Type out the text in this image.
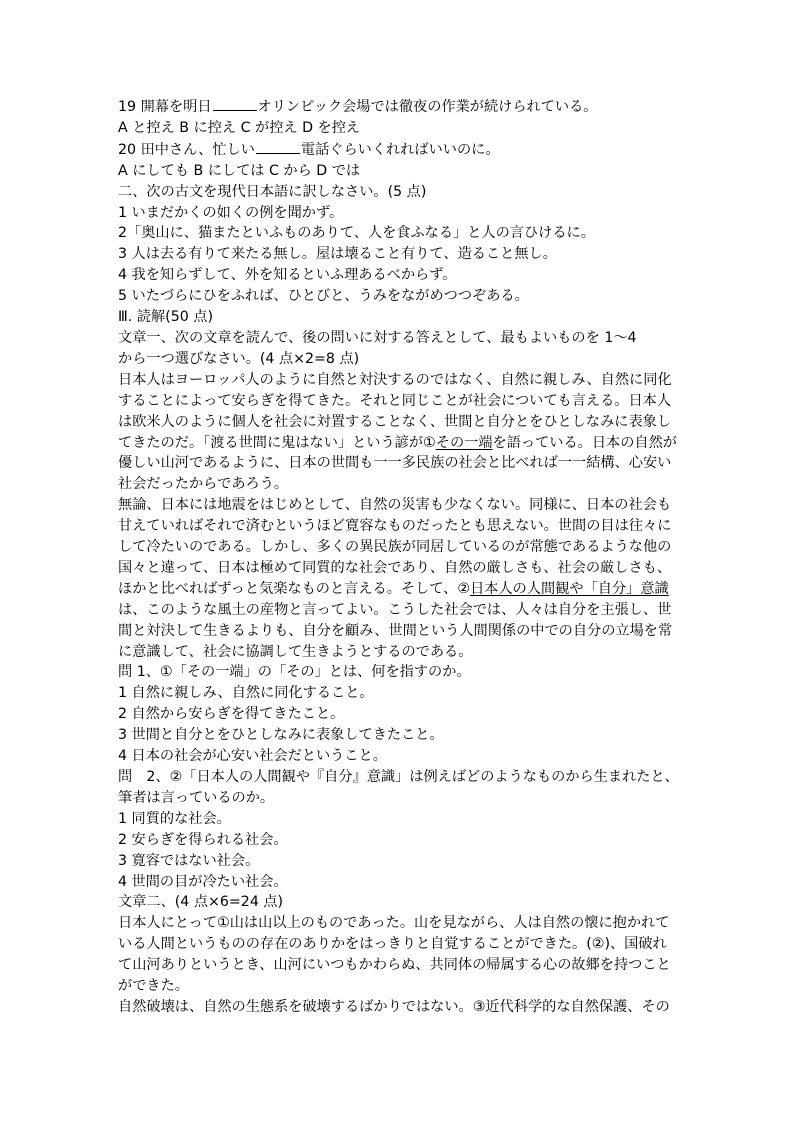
19 開幕を明日	オリンピック会場では徹夜の作業が続けられている。
A と控え B に控え C が控え D を控え
20 田中さん、忙しい	電話ぐらいくれればいいのに。
A にしても B にしては C から D では
二、次の古文を現代日本語に訳しなさい。(5 点)
1 いまだかくの如くの例を聞かず。
2「奥山に、猫またといふものありて、人を食ふなる」と人の言ひけるに。
3 人は去る有りて来たる無し。屋は壊ること有りて、造ること無し。
4 我を知らずして、外を知るといふ理あるべからず。
5 いたづらにひをふれば、ひとびと、うみをながめつつぞある。
Ⅲ. 読解(50 点)
文章一、次の文章を読んで、後の問いに対する答えとして、最もよいものを 1～4
から一つ選びなさい。(4 点×2=8 点)
日本人はヨーロッパ人のように自然と対決するのではなく、自然に親しみ、自然に同化
することによって安らぎを得てきた。それと同じことが社会についても言える。日本人
は欧米人のように個人を社会に対置することなく、世間と自分とをひとしなみに表象し
てきたのだ。「渡る世間に鬼はない」という諺が①その一端を語っている。日本の自然が
優しい山河であるように、日本の世間も一一多民族の社会と比べれば一一結構、心安い
社会だったからであろう。
無論、日本には地震をはじめとして、自然の災害も少なくない。同様に、日本の社会も
甘えていればそれで済むというほど寛容なものだったとも思えない。世間の目は往々に
して冷たいのである。しかし、多くの異民族が同居しているのが常態であるような他の
国々と違って、日本は極めて同質的な社会であり、自然の厳しさも、社会の厳しさも、
ほかと比べればずっと気楽なものと言える。そして、②日本人の人間観や「自分」意識
は、このような風土の産物と言ってよい。こうした社会では、人々は自分を主張し、世
間と対決して生きるよりも、自分を顧み、世間という人間関係の中での自分の立場を常
に意識して、社会に協調して生きようとするのである。
問 1、①「その一端」の「その」とは、何を指すのか。
1 自然に親しみ、自然に同化すること。
2 自然から安らぎを得てきたこと。
3 世間と自分とをひとしなみに表象してきたこと。
4 日本の社会が心安い社会だということ。
問　2、②「日本人の人間観や『自分』意識」は例えばどのようなものから生まれたと、
筆者は言っているのか。
1 同質的な社会。
2 安らぎを得られる社会。
3 寛容ではない社会。
4 世間の目が冷たい社会。
文章二、(4 点×6=24 点)
日本人にとって①山は山以上のものであった。山を見ながら、人は自然の懐に抱かれて
いる人間というものの存在のありかをはっきりと自覚することができた。(②)、国破れ
て山河ありというとき、山河にいつもかわらぬ、共同体の帰属する心の故郷を持つこと
ができた。
自然破壊は、自然の生態系を破壊するばかりではない。③近代科学的な自然保護、その
